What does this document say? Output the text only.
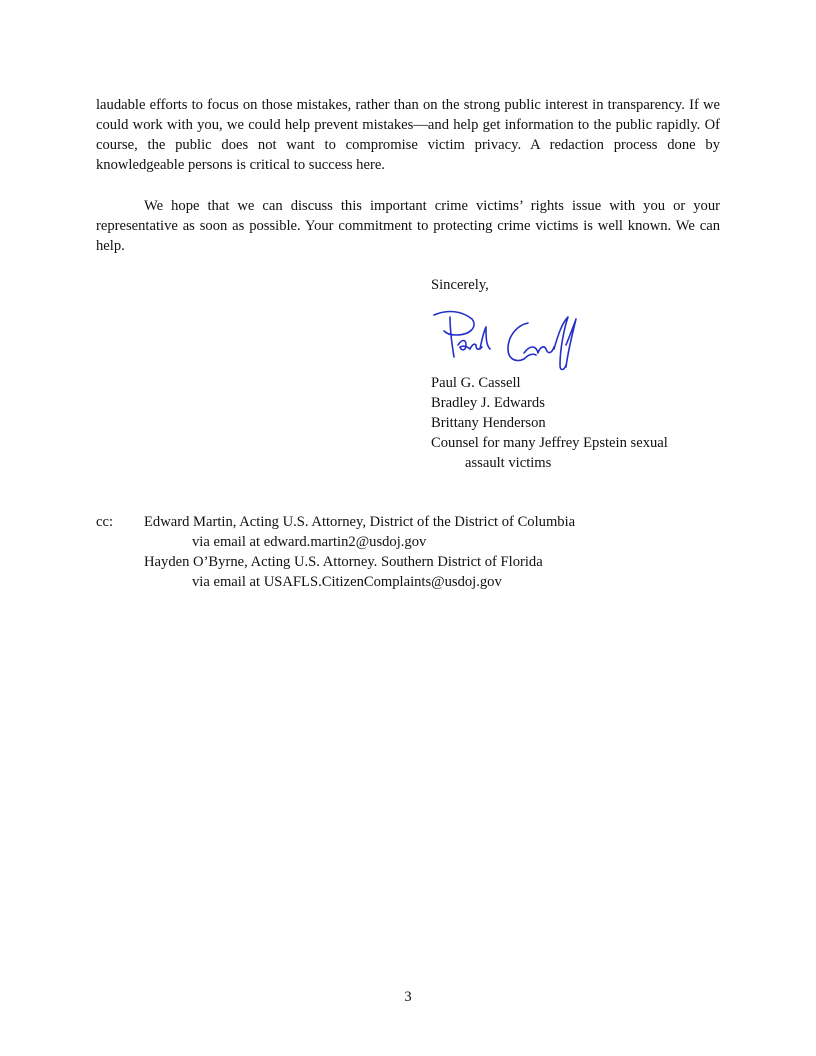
laudable efforts to focus on those mistakes, rather than on the strong public interest in transparency. If we could work with you, we could help prevent mistakes—and help get information to the public rapidly. Of course, the public does not want to compromise victim privacy. A redaction process done by knowledgeable persons is critical to success here.

We hope that we can discuss this important crime victims’ rights issue with you or your representative as soon as possible. Your commitment to protecting crime victims is well known. We can help.

Sincerely,
Paul G. Cassell
Bradley J. Edwards
Brittany Henderson
Counsel for many Jeffrey Epstein sexual
assault victims
cc: Edward Martin, Acting U.S. Attorney, District of the District of Columbia
via email at edward.martin2@usdoj.gov
Hayden O’Byrne, Acting U.S. Attorney. Southern District of Florida
via email at USAFLS.CitizenComplaints@usdoj.gov
3
